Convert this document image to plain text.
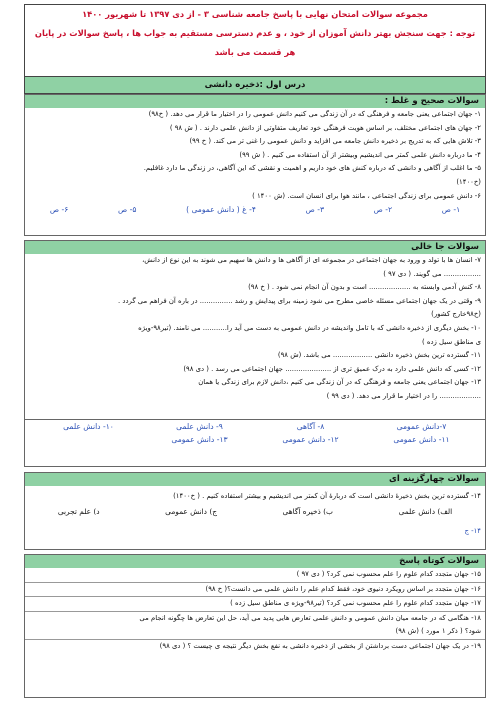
مجموعه سوالات امتحان نهایی با پاسخ جامعه شناسی ۳ - از دی ۱۳۹۷ تا شهریور ۱۴۰۰
توجه : جهت سنجش بهتر دانش آموزان از خود ، و عدم دسترسی مستقیم به جواب ها ، پاسخ سوالات در پایان
هر قسمت می باشد
درس اول :ذخیره دانشی
سوالات صحیح و غلط :
۱- جهان اجتماعی یعنی جامعه و فرهنگی که در آن زندگی می کنیم دانش عمومی را در اختیار ما قرار می دهد. ( خ۹۸)
۲- جهان های اجتماعی مختلف، بر اساس هویت فرهنگی خود تعاریف متفاوتی از دانش علمی دارند . ( ش ۹۸ )
۳- تلاش هایی که به تدریج بر ذخیره دانش جامعه می افزاید و دانش عمومی را غنی تر می کند. ( خ ۹۹)
۴- ما درباره دانش علمی کمتر می اندیشیم وبیشتر از آن استفاده می کنیم . ( ش ۹۹)
۵- ما اغلب از آگاهی و دانشی که درباره کنش های خود داریم و اهمیت و نقشی که این آگاهی، در زندگی ما دارد غافلیم.
(خ۱۴۰۰)
۶- دانش عمومی برای زندگی اجتماعی ، مانند هوا برای انسان است. (ش ۱۴۰۰ )
۱- ص
۲- ص
۳- ص
۴- غ ( دانش عمومی )
۵- ص
۶- ص
سوالات جا خالی
۷- انسان ها با تولد و ورود به جهان اجتماعی در مجموعه ای از آگاهی ها و دانش ها سهیم می شوند به این نوع از دانش،
................. می گویند. ( دی ۹۷ )
۸- کنش آدمی وابسته به ................... است و بدون آن انجام نمی شود . ( خ ۹۸)
۹- وقتی در یک جهان اجتماعی مسئله خاصی مطرح می شود زمینه برای پیدایش و رشد ............... در باره آن فراهم می گردد .
(خ۹۸خارج کشور)
۱۰- بخش دیگری از ذخیره دانشی که با تامل واندیشه در دانش عمومی به دست می آید را........... می نامند. (تیر۹۸-ویژه
ی مناطق سیل زده )
۱۱- گسترده ترین بخش ذخیره دانشی .................. می باشد. (ش ۹۸)
۱۲- کسی که دانش علمی دارد به درک عمیق تری از ..................... جهان اجتماعی می رسد . ( دی ۹۸)
۱۳- جهان اجتماعی یعنی جامعه و فرهنگی که در آن زندگی می کنیم ،دانش لازم برای زندگی یا همان
................... را در اختیار ما قرار می دهد. ( دی ۹۹ )
۷-دانش عمومی
۸- آگاهی
۹- دانش علمی
۱۰- دانش علمی
۱۱- دانش عمومی
۱۲- دانش عمومی
۱۳- دانش عمومی
سوالات چهارگزینه ای
۱۴- گسترده ترین بخش ذخیرۀ دانشی است که دربارۀ آن کمتر می اندیشیم و بیشتر استفاده کنیم . ( خ۱۴۰۰)
الف) دانش علمی
ب) ذخیره آگاهی
ج) دانش عمومی
د) علم تجربی
۱۴- ج
سوالات کوتاه پاسخ
۱۵- جهان متجدد کدام علوم را علم محسوب نمی کرد؟ ( دی ۹۷ )
۱۶- جهان متجدد بر اساس رویکرد دنیوی خود، فقط کدام علم را دانش علمی می دانست؟( خ ۹۸)
۱۷- جهان متجدد کدام علوم را علم محسوب نمی کرد؟ (تیر۹۸-ویژه ی مناطق سیل زده )
۱۸- هنگامی که در جامعه میان دانش عمومی و دانش علمی تعارض هایی پدید می آید، حل این تعارض ها چگونه انجام می
شود؟ ( ذکر ۱ مورد ) (ش ۹۸)
۱۹- در یک جهان اجتماعی دست برداشتن از بخشی از ذخیره دانشی به نفع بخش دیگر نتیجه ی چیست ؟ ( دی ۹۸)
